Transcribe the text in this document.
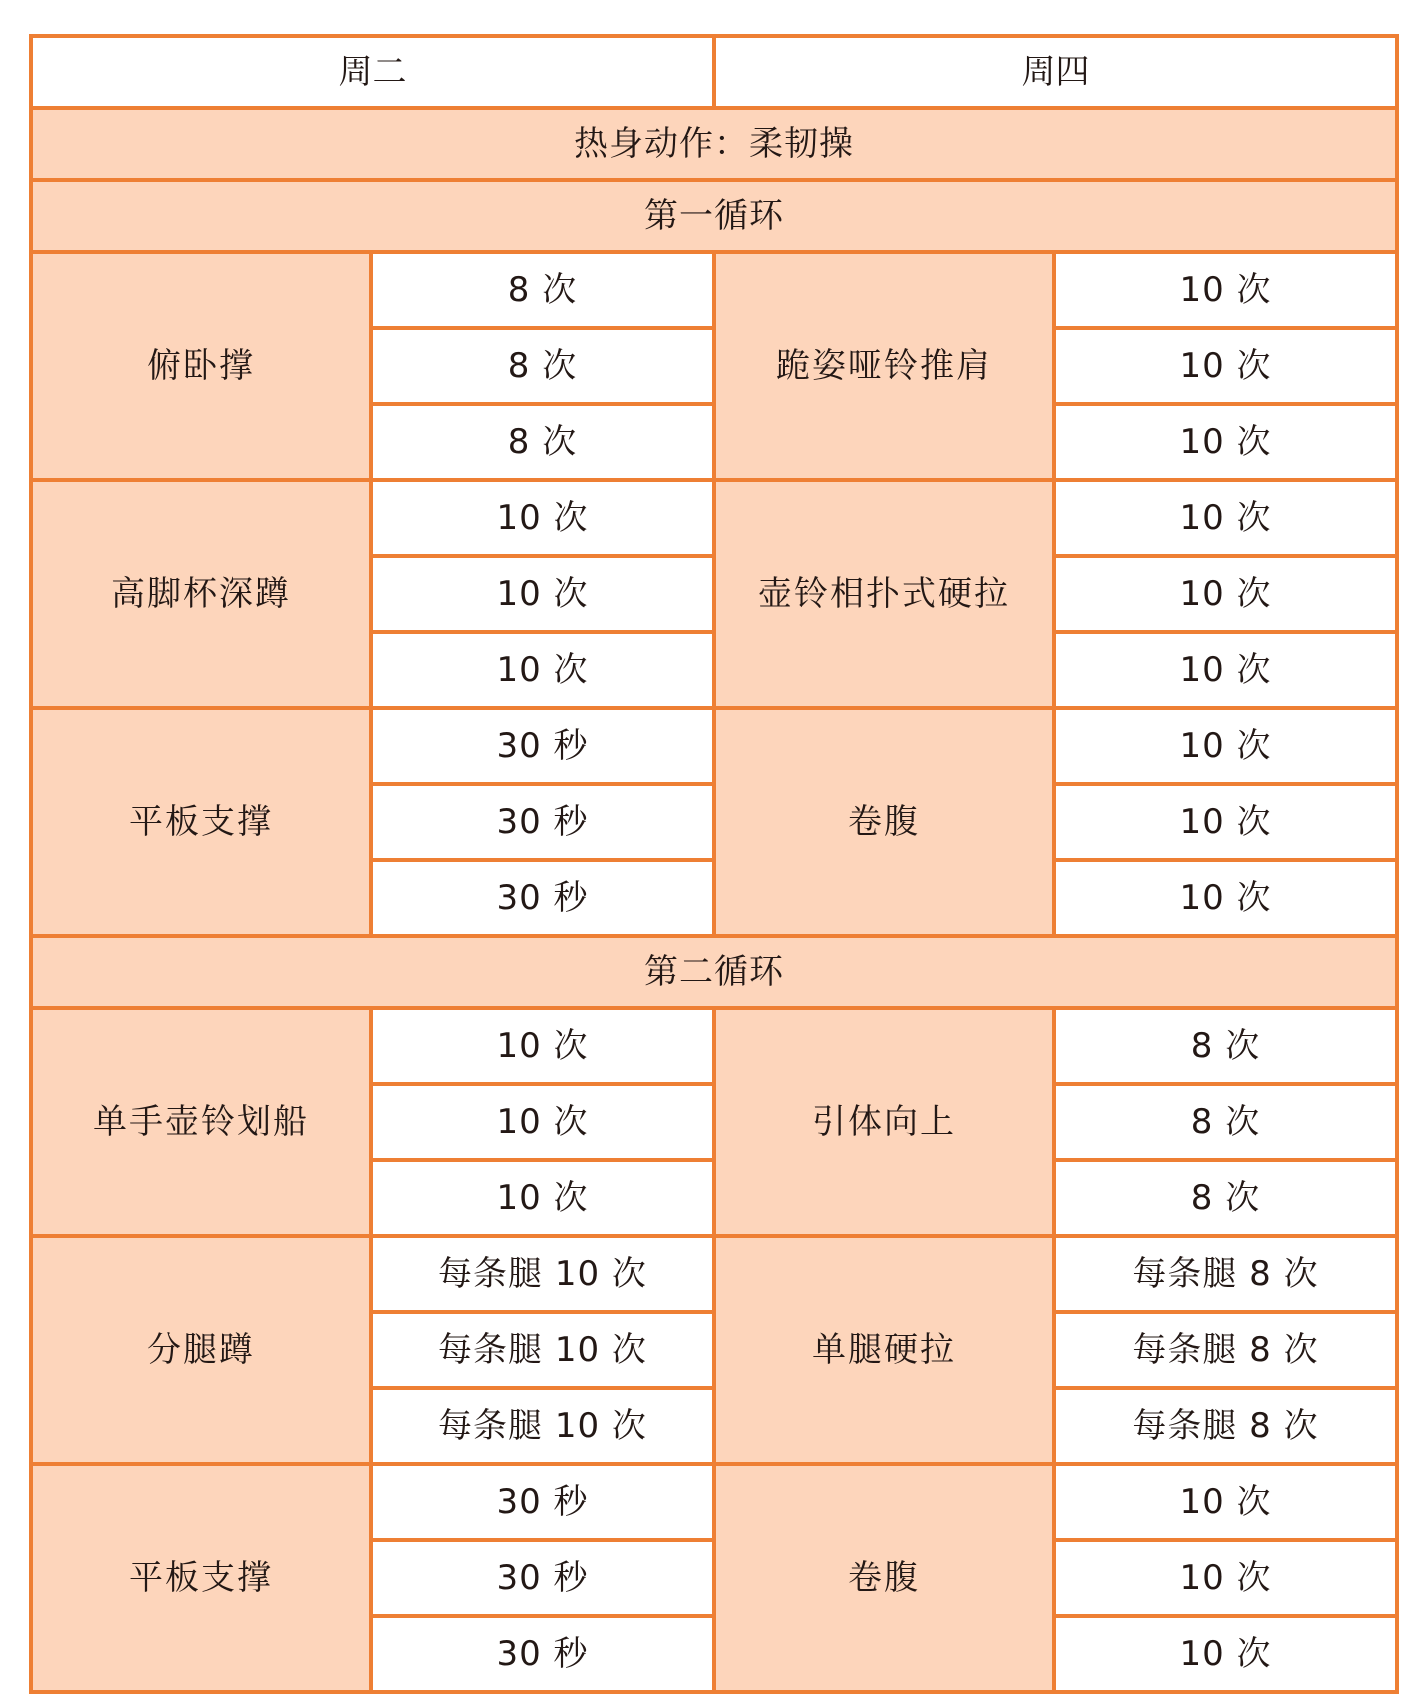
周二		周四	
热身动作：柔韧操			
第一循环			
俯卧撑	8 次	跪姿哑铃推肩	10 次
	8 次		10 次
	8 次		10 次
高脚杯深蹲	10 次	壶铃相扑式硬拉	10 次
	10 次		10 次
	10 次		10 次
平板支撑	30 秒	卷腹	10 次
	30 秒		10 次
	30 秒		10 次
第二循环			
单手壶铃划船	10 次	引体向上	8 次
	10 次		8 次
	10 次		8 次
分腿蹲	每条腿 10 次	单腿硬拉	每条腿 8 次
	每条腿 10 次		每条腿 8 次
	每条腿 10 次		每条腿 8 次
平板支撑	30 秒	卷腹	10 次
	30 秒		10 次
	30 秒		10 次
